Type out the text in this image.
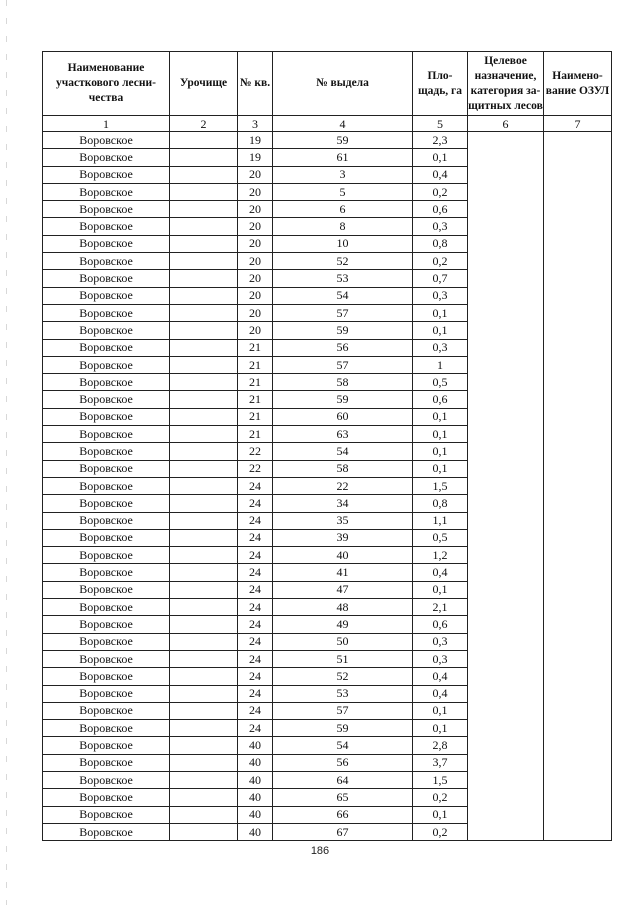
Наименование участкового лесни-чества	Урочище	№ кв.	№ выдела	Пло-щадь, га	Целевое назначение, категория за-щитных лесов	Наимено-вание ОЗУЛ
1	2	3	4	5	6	7
Воровское		19	59	2,3		
Воровское		19	61	0,1		
Воровское		20	3	0,4		
Воровское		20	5	0,2		
Воровское		20	6	0,6		
Воровское		20	8	0,3		
Воровское		20	10	0,8		
Воровское		20	52	0,2		
Воровское		20	53	0,7		
Воровское		20	54	0,3		
Воровское		20	57	0,1		
Воровское		20	59	0,1		
Воровское		21	56	0,3		
Воровское		21	57	1		
Воровское		21	58	0,5		
Воровское		21	59	0,6		
Воровское		21	60	0,1		
Воровское		21	63	0,1		
Воровское		22	54	0,1		
Воровское		22	58	0,1		
Воровское		24	22	1,5		
Воровское		24	34	0,8		
Воровское		24	35	1,1		
Воровское		24	39	0,5		
Воровское		24	40	1,2		
Воровское		24	41	0,4		
Воровское		24	47	0,1		
Воровское		24	48	2,1		
Воровское		24	49	0,6		
Воровское		24	50	0,3		
Воровское		24	51	0,3		
Воровское		24	52	0,4		
Воровское		24	53	0,4		
Воровское		24	57	0,1		
Воровское		24	59	0,1		
Воровское		40	54	2,8		
Воровское		40	56	3,7		
Воровское		40	64	1,5		
Воровское		40	65	0,2		
Воровское		40	66	0,1		
Воровское		40	67	0,2		
186
